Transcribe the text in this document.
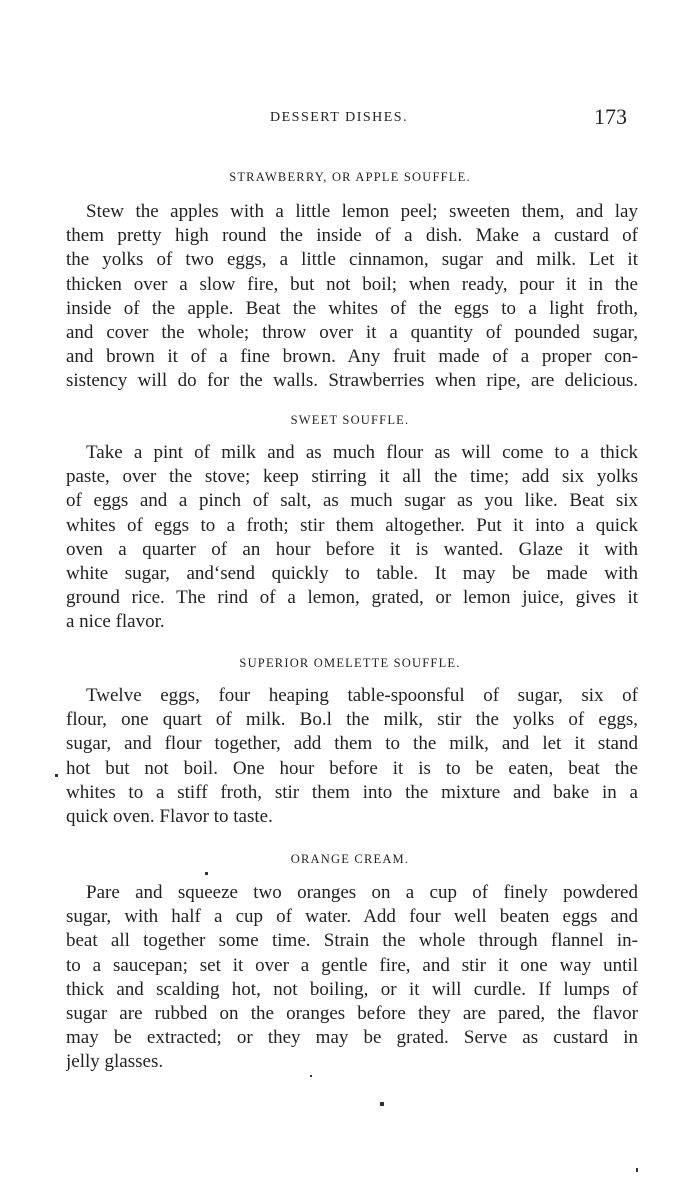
DESSERT DISHES.	173
STRAWBERRY, OR APPLE SOUFFLE.
Stew the apples with a little lemon peel; sweeten them, and lay
them pretty high round the inside of a dish. Make a custard of
the yolks of two eggs, a little cinnamon, sugar and milk. Let it
thicken over a slow fire, but not boil; when ready, pour it in the
inside of the apple. Beat the whites of the eggs to a light froth,
and cover the whole; throw over it a quantity of pounded sugar,
and brown it of a fine brown. Any fruit made of a proper con-
sistency will do for the walls. Strawberries when ripe, are delicious.
SWEET SOUFFLE.
Take a pint of milk and as much flour as will come to a thick
paste, over the stove; keep stirring it all the time; add six yolks
of eggs and a pinch of salt, as much sugar as you like. Beat six
whites of eggs to a froth; stir them altogether. Put it into a quick
oven a quarter of an hour before it is wanted. Glaze it with
white sugar, andʻsend quickly to table. It may be made with
ground rice. The rind of a lemon, grated, or lemon juice, gives it
a nice flavor.
SUPERIOR OMELETTE SOUFFLE.
Twelve eggs, four heaping table-spoonsful of sugar, six of
flour, one quart of milk. Bo.l the milk, stir the yolks of eggs,
sugar, and flour together, add them to the milk, and let it stand
hot but not boil. One hour before it is to be eaten, beat the
whites to a stiff froth, stir them into the mixture and bake in a
quick oven. Flavor to taste.
ORANGE CREAM.
Pare and squeeze two oranges on a cup of finely powdered
sugar, with half a cup of water. Add four well beaten eggs and
beat all together some time. Strain the whole through flannel in-
to a saucepan; set it over a gentle fire, and stir it one way until
thick and scalding hot, not boiling, or it will curdle. If lumps of
sugar are rubbed on the oranges before they are pared, the flavor
may be extracted; or they may be grated. Serve as custard in
jelly glasses.
